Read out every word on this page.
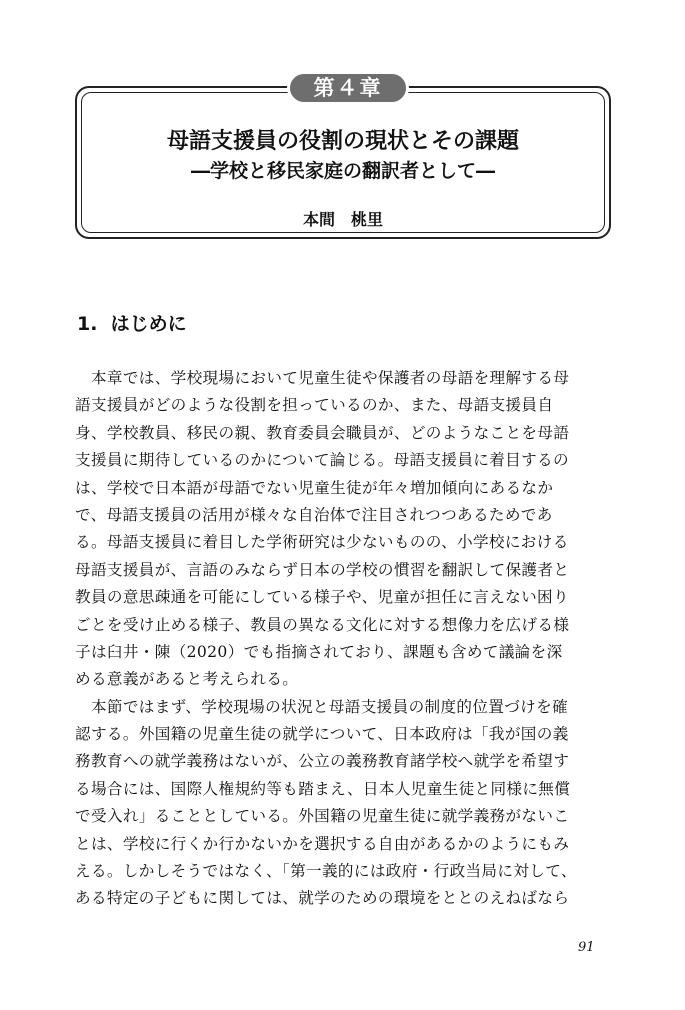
第４章
母語支援員の役割の現状とその課題
―学校と移民家庭の翻訳者として―
本間　桃里
1.  はじめに
　本章では、学校現場において児童生徒や保護者の母語を理解する母
語支援員がどのような役割を担っているのか、また、母語支援員自
身、学校教員、移民の親、教育委員会職員が、どのようなことを母語
支援員に期待しているのかについて論じる。母語支援員に着目するの
は、学校で日本語が母語でない児童生徒が年々増加傾向にあるなか
で、母語支援員の活用が様々な自治体で注目されつつあるためであ
る。母語支援員に着目した学術研究は少ないものの、小学校における
母語支援員が、言語のみならず日本の学校の慣習を翻訳して保護者と
教員の意思疎通を可能にしている様子や、児童が担任に言えない困り
ごとを受け止める様子、教員の異なる文化に対する想像力を広げる様
子は臼井・陳（2020）でも指摘されており、課題も含めて議論を深
める意義があると考えられる。
　本節ではまず、学校現場の状況と母語支援員の制度的位置づけを確
認する。外国籍の児童生徒の就学について、日本政府は「我が国の義
務教育への就学義務はないが、公立の義務教育諸学校へ就学を希望す
る場合には、国際人権規約等も踏まえ、日本人児童生徒と同様に無償
で受入れ」ることとしている。外国籍の児童生徒に就学義務がないこ
とは、学校に行くか行かないかを選択する自由があるかのようにもみ
える。しかしそうではなく、「第一義的には政府・行政当局に対して、
ある特定の子どもに関しては、就学のための環境をととのえねばなら
91
